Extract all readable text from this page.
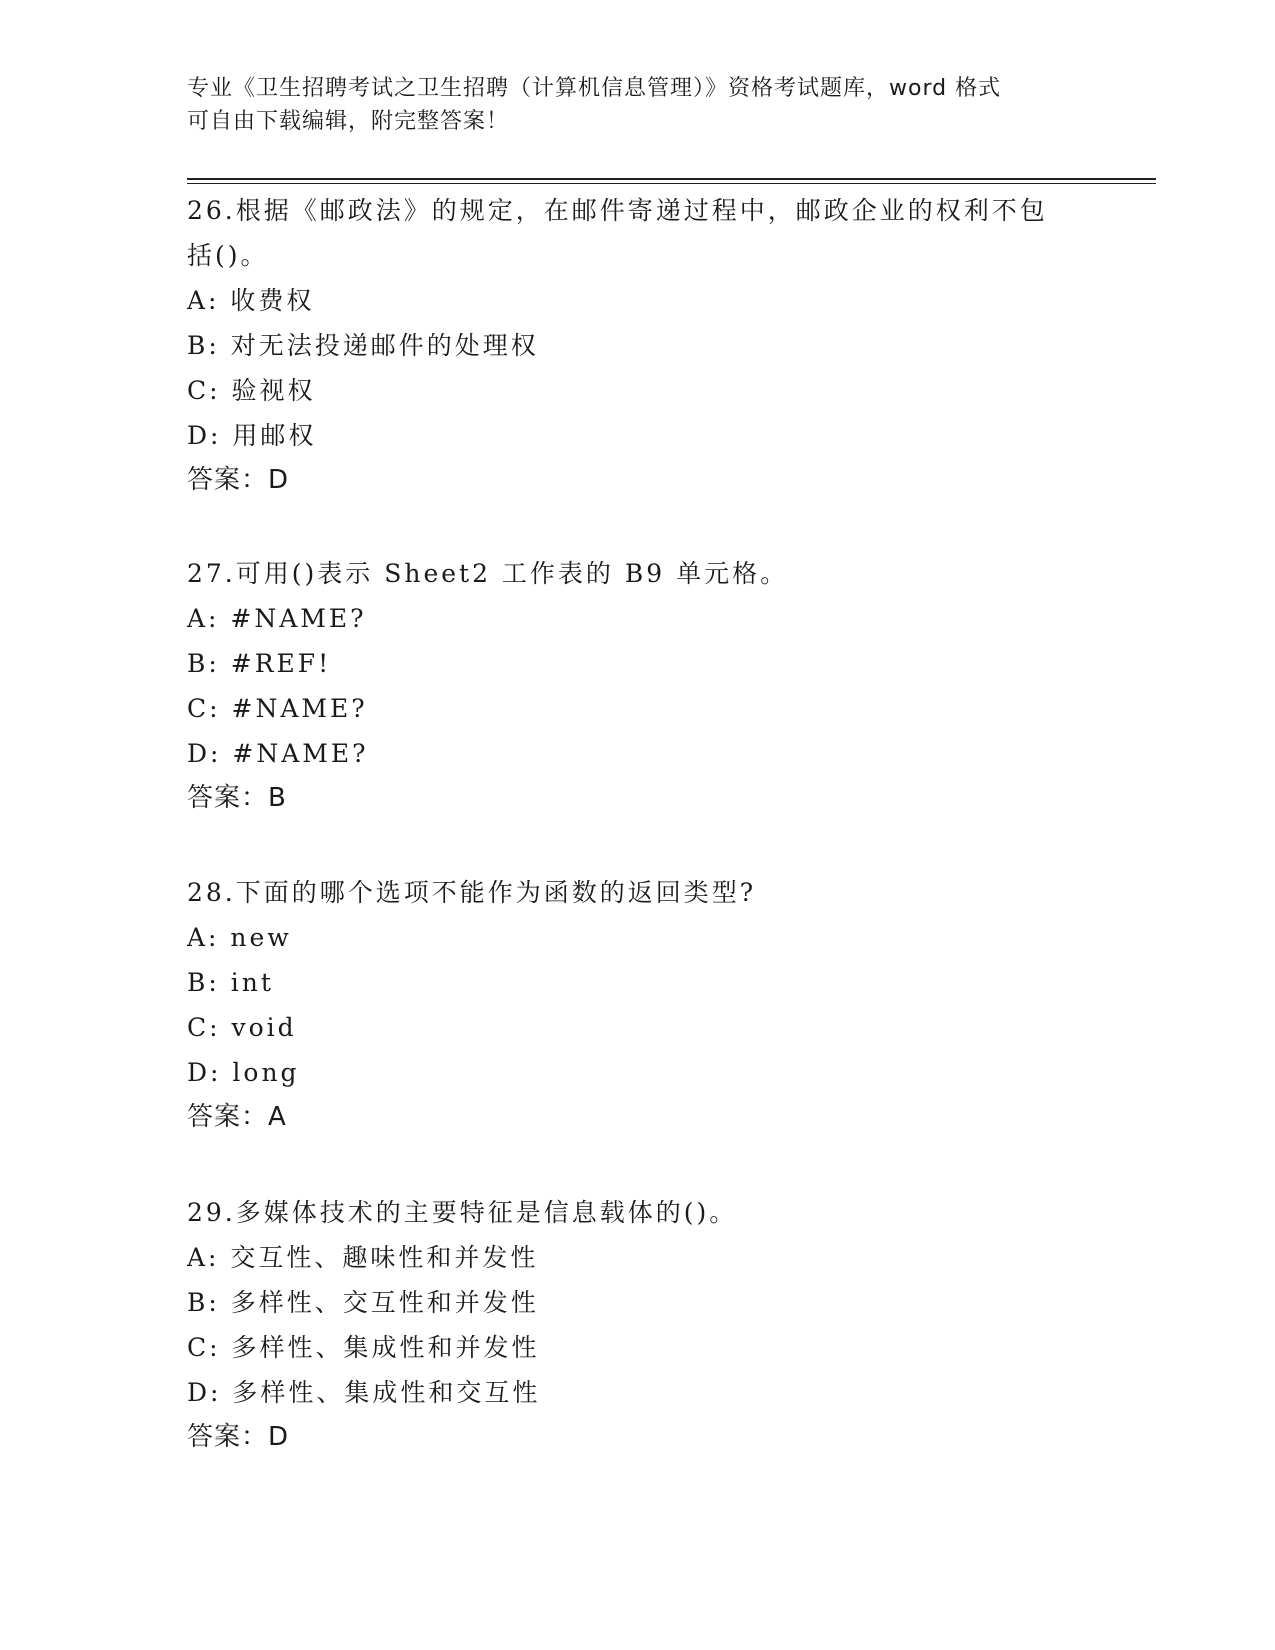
专业《卫生招聘考试之卫生招聘（计算机信息管理）》资格考试题库，word 格式
可自由下载编辑，附完整答案！
26.根据《邮政法》的规定，在邮件寄递过程中，邮政企业的权利不包
括()。
A: 收费权
B: 对无法投递邮件的处理权
C: 验视权
D: 用邮权
答案：D
27.可用()表示 Sheet2 工作表的 B9 单元格。
A: #NAME?
B: #REF!
C: #NAME?
D: #NAME?
答案：B
28.下面的哪个选项不能作为函数的返回类型?
A: new
B: int
C: void
D: long
答案：A
29.多媒体技术的主要特征是信息载体的()。
A: 交互性、趣味性和并发性
B: 多样性、交互性和并发性
C: 多样性、集成性和并发性
D: 多样性、集成性和交互性
答案：D
